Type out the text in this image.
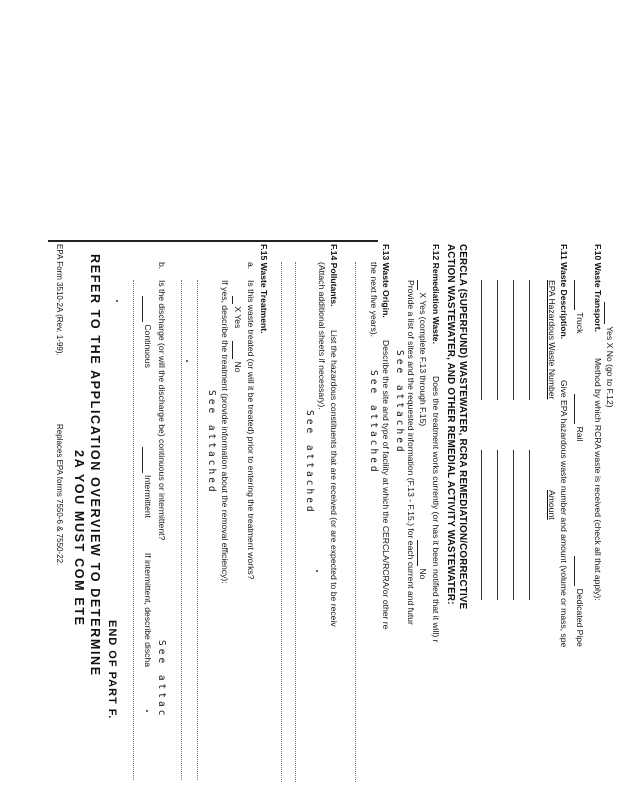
Yes X No (go to F.12)
F.10 Waste Transport.
Method by which RCRA waste is received (check all that apply):
Truck   Rail   Dedicated Pipe
F.11 Waste Description.
Give EPA hazardous waste number and amount (volume or mass, spe
EPA Hazardous Waste Number
Amount
CERCLA (SUPERFUND) WASTEWATER, RCRA REMEDIATION/CORRECTIVE
ACTION WASTEWATER, AND OTHER REMEDIAL ACTIVITY WASTEWATER:
F.12 Remediation Waste.
Does the treatment works currently (or has it been notified that it will) r
X Yes (complete F.13 through F.15)
No
Provide a list of sites and the requested information (F.13 - F.15.) for each current and futur
See attached
F.13 Waste Origin.
Describe the site and type of facility at which the CERCLA/RCRA/or other re
the next five years).
See attached
F.14 Pollutants.
List the hazardous constituents that are received (or are expected to be receiv
(Attach additional sheets if necessary).
See attached
F.15 Waste Treatment.
a.
Is this waste treated (or will it be treated) prior to entering the treatment works?
X Yes   No
If yes, describe the treatment (provide information about the removal efficiency):
See attached
b.
Is the discharge (or will the discharge be) continuous or intermittent?
See attac
Continuous   Intermittent  If intermittent, describe discha
END OF PART F.
REFER TO THE APPLICATION OVERVIEW TO DETERMINE
2A YOU MUST COM ETE
EPA Form 3510-2A (Rev. 1-99).
Replaces EPA forms 7550-6 & 7550-22.
